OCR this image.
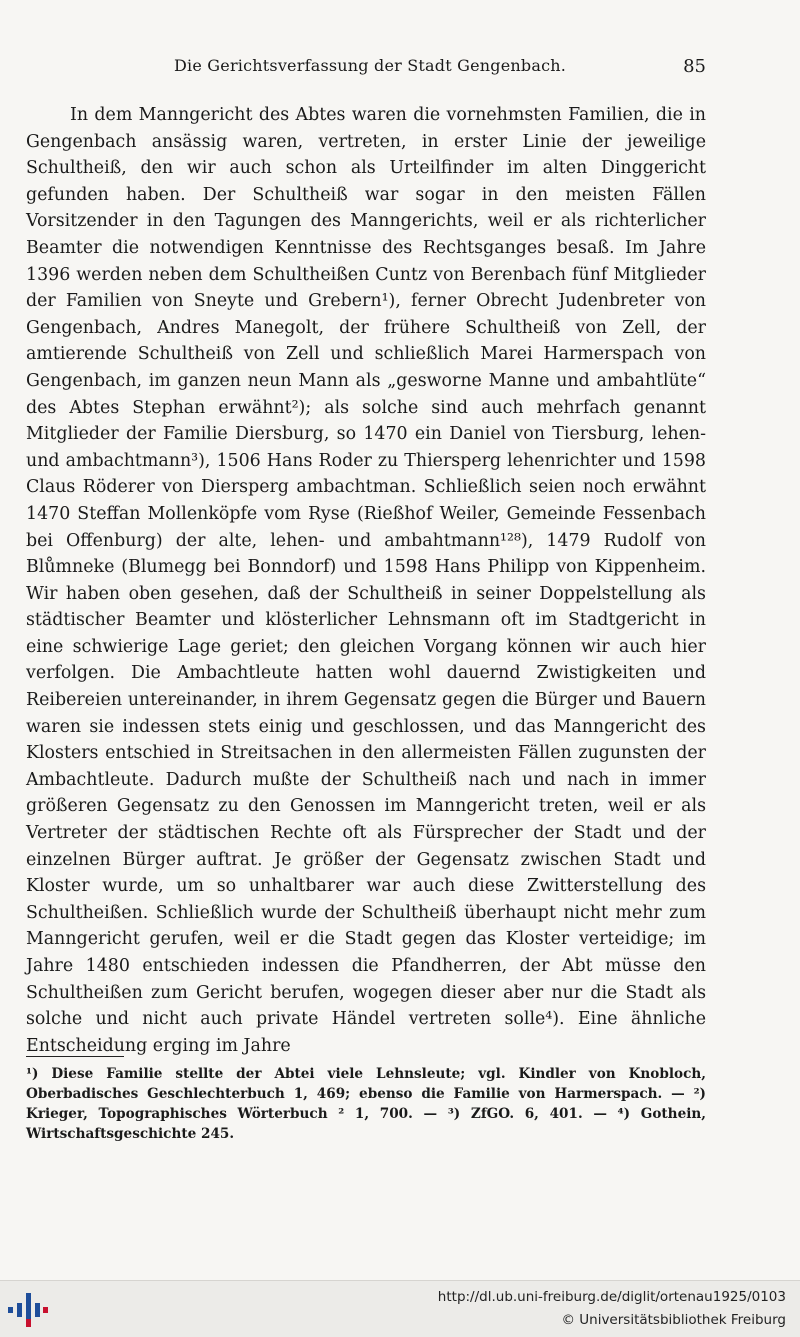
Die Gerichtsverfassung der Stadt Gengenbach.	85

In dem Manngericht des Abtes waren die vornehmsten Familien, die in Gengenbach ansässig waren, vertreten, in erster Linie der jeweilige Schultheiß, den wir auch schon als Urteilfinder im alten Dinggericht gefunden haben. Der Schultheiß war sogar in den meisten Fällen Vorsitzender in den Tagungen des Manngerichts, weil er als richterlicher Beamter die notwendigen Kenntnisse des Rechtsganges besaß. Im Jahre 1396 werden neben dem Schultheißen Cuntz von Berenbach fünf Mitglieder der Familien von Sneyte und Grebern¹), ferner Obrecht Judenbreter von Gengenbach, Andres Manegolt, der frühere Schultheiß von Zell, der amtierende Schultheiß von Zell und schließlich Marei Harmerspach von Gengenbach, im ganzen neun Mann als „geswornе Manne und ambahtlüte“ des Abtes Stephan erwähnt²); als solche sind auch mehrfach genannt Mitglieder der Familie Diersburg, so 1470 ein Daniel von Tiersburg, lehen- und ambachtmann³), 1506 Hans Roder zu Thiersperg lehenrichter und 1598 Claus Röderer von Diersperg ambachtman. Schließlich seien noch erwähnt 1470 Steffan Mollenköpfe vom Ryse (Rießhof Weiler, Gemeinde Fessenbach bei Offenburg) der alte, lehen- und ambahtmann¹²⁸), 1479 Rudolf von Blůmneke (Blumegg bei Bonndorf) und 1598 Hans Philipp von Kippenheim. Wir haben oben gesehen, daß der Schultheiß in seiner Doppelstellung als städtischer Beamter und klösterlicher Lehnsmann oft im Stadtgericht in eine schwierige Lage geriet; den gleichen Vorgang können wir auch hier verfolgen. Die Ambachtleute hatten wohl dauernd Zwistigkeiten und Reibereien untereinander, in ihrem Gegensatz gegen die Bürger und Bauern waren sie indessen stets einig und geschlossen, und das Manngericht des Klosters entschied in Streitsachen in den allermeisten Fällen zugunsten der Ambachtleute. Dadurch mußte der Schultheiß nach und nach in immer größeren Gegensatz zu den Genossen im Manngericht treten, weil er als Vertreter der städtischen Rechte oft als Fürsprecher der Stadt und der einzelnen Bürger auftrat. Je größer der Gegensatz zwischen Stadt und Kloster wurde, um so unhaltbarer war auch diese Zwitterstellung des Schultheißen. Schließlich wurde der Schultheiß überhaupt nicht mehr zum Manngericht gerufen, weil er die Stadt gegen das Kloster verteidige; im Jahre 1480 entschieden indessen die Pfandherren, der Abt müsse den Schultheißen zum Gericht berufen, wogegen dieser aber nur die Stadt als solche und nicht auch private Händel vertreten solle⁴). Eine ähnliche Entscheidung erging im Jahre

¹) Diese Familie stellte der Abtei viele Lehnsleute; vgl. Kindler von Knobloch, Oberbadisches Geschlechterbuch 1, 469; ebenso die Familie von Harmerspach. — ²) Krieger, Topographisches Wörterbuch ² 1, 700. — ³) ZfGO. 6, 401. — ⁴) Gothein, Wirtschaftsgeschichte 245.

http://dl.ub.uni-freiburg.de/diglit/ortenau1925/0103
© Universitätsbibliothek Freiburg
